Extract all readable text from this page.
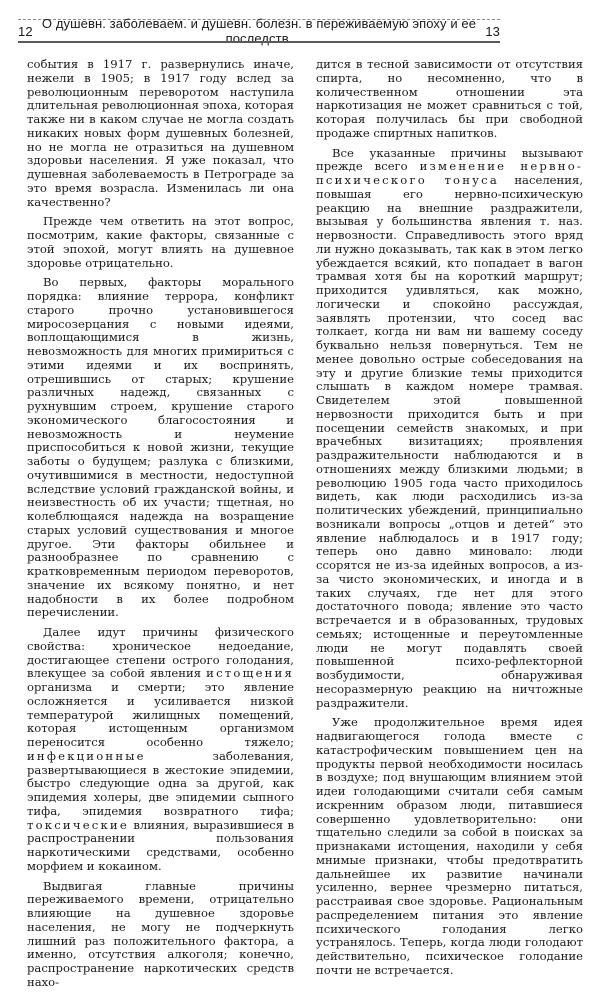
12 О душевн. заболеваем. и душевн. болезн. в переживаемую эпоху и ее последств.	13

события в 1917 г. развернулись иначе, нежели в 1905; в 1917 году вслед за революционным переворотом наступила длительная революционная эпоха, которая также ни в каком случае не могла создать никаких новых форм душевных болезней, но не могла не отразиться на душевном здоровьи населения. Я уже показал, что душевная заболеваемость в Петрограде за это время возрасла. Изменилась ли она качественно?

Прежде чем ответить на этот вопрос, посмотрим, какие факторы, связанные с этой эпохой, могут влиять на душевное здоровье отрицательно.

Во первых, факторы морального порядка: влияние террора, конфликт старого прочно установившегося миросозерцания с новыми идеями, воплощающимися в жизнь, невозможность для многих примириться с этими идеями и их воспринять, отрешившись от старых; крушение различных надежд, связанных с рухнувшим строем, крушение старого экономического благосостояния и невозможность и неумение приспособиться к новой жизни, текущие заботы о будущем; разлука с близкими, очутившимися в местности, недоступной вследствие условий гражданской войны, и неизвестность об их участи; тщетная, но колеблющаяся надежда на возращение старых условий существования и многое другое. Эти факторы обильнее и разнообразнее по сравнению с кратковременным периодом переворотов, значение их всякому понятно, и нет надобности в их более подробном перечислении.

Далее идут причины физического свойства: хроническое недоедание, достигающее степени острого голодания, влекущее за собой явления истощения организма и смерти; это явление осложняется и усиливается низкой температурой жилищных помещений, которая истощенным организмом переносится особенно тяжело; инфекционные заболевания, развертывающиеся в жестокие эпидемии, быстро следующие одна за другой, как эпидемия холеры, две эпидемии сыпного тифа, эпидемия возвратного тифа; токсические влияния, выразившиеся в распространении пользования наркотическими средствами, особенно морфием и кокаином.

Выдвигая главные причины переживаемого времени, отрицательно влияющие на душевное здоровье населения, не могу не подчеркнуть лишний раз положительного фактора, а именно, отсутствия алкоголя; конечно, распространение наркотических средств нахо-

дится в тесной зависимости от отсутствия спирта, но несомненно, что в количественном отношении эта наркотизация не может сравниться с той, которая получилась бы при свободной продаже спиртных напитков.

Все указанные причины вызывают прежде всего изменение нервно-психического тонуса населения, повышая его нервно-психическую реакцию на внешние раздражители, вызывая у большинства явления т. наз. нервозности. Справедливость этого вряд ли нужно доказывать, так как в этом легко убеждается всякий, кто попадает в вагон трамвая хотя бы на короткий маршрут; приходится удивляться, как можно, логически и спокойно рассуждая, заявлять протензии, что сосед вас толкает, когда ни вам ни вашему соседу буквально нельзя повернуться. Тем не менее довольно острые собеседования на эту и другие близкие темы приходится слышать в каждом номере трамвая. Свидетелем этой повышенной нервозности приходится быть и при посещении семейств знакомых, и при врачебных визитациях; проявления раздражительности наблюдаются и в отношениях между близкими людьми; в революцию 1905 года часто приходилось видеть, как люди расходились из-за политических убеждений, принципиально возникали вопросы „отцов и детей“ это явление наблюдалось и в 1917 году; теперь оно давно миновало: люди ссорятся не из-за идейных вопросов, а из-за чисто экономических, и иногда и в таких случаях, где нет для этого достаточного повода; явление это часто встречается и в образованных, трудовых семьях; истощенные и переутомленные люди не могут подавлять своей повышенной психо-рефлекторной возбудимости, обнаруживая несоразмерную реакцию на ничтожные раздражители.

Уже продолжительное время идея надвигающегося голода вместе с катастрофическим повышением цен на продукты первой необходимости носилась в воздухе; под внушающим влиянием этой идеи голодающими считали себя самым искренним образом люди, питавшиеся совершенно удовлетворительно: они тщательно следили за собой в поисках за признаками истощения, находили у себя мнимые признаки, чтобы предотвратить дальнейшее их развитие начинали усиленно, вернее чрезмерно питаться, расстраивая свое здоровье. Рациональным распределением питания это явление психического голодания легко устранялось. Теперь, когда люди голодают действительно, психическое голодание почти не встречается.
